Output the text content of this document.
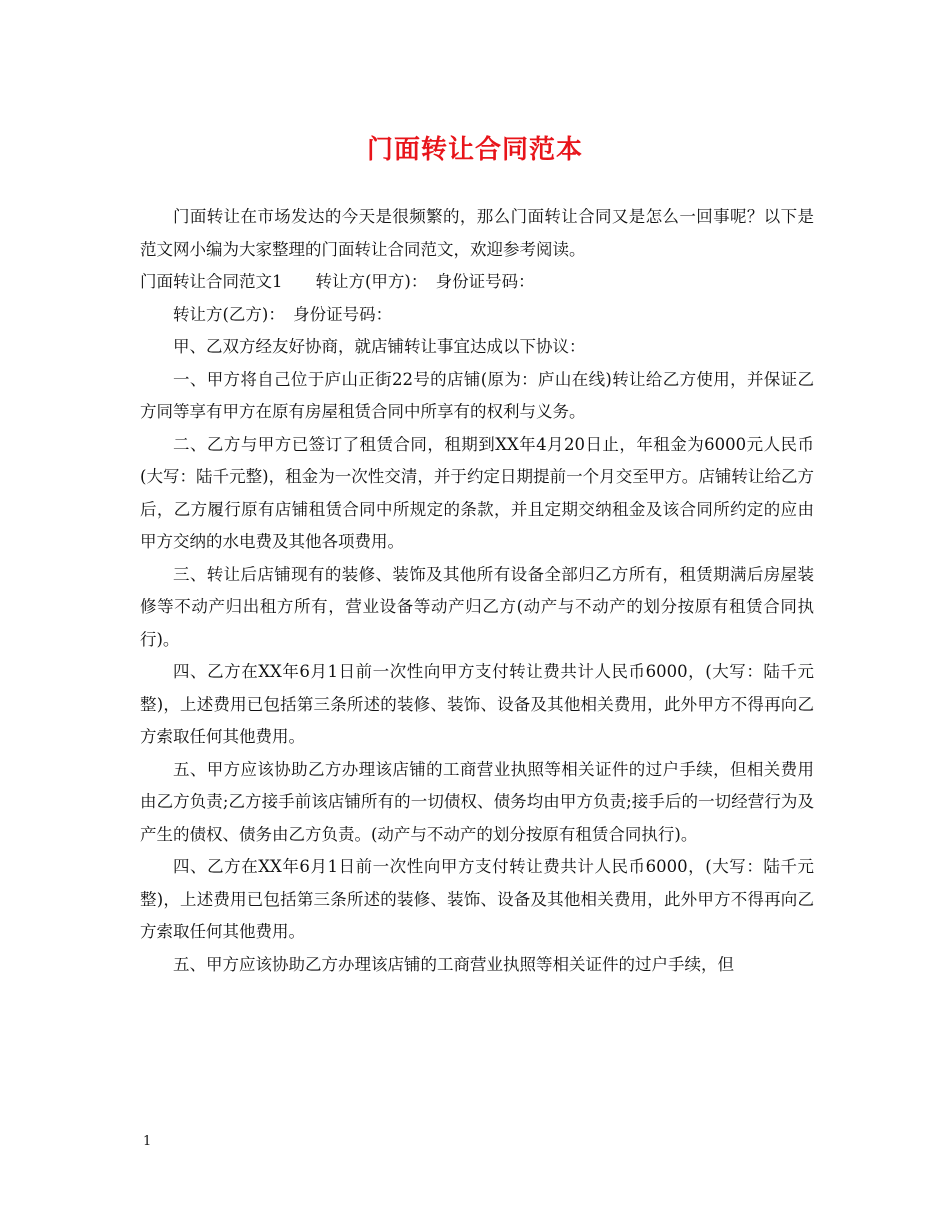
门面转让合同范本

门面转让在市场发达的今天是很频繁的，那么门面转让合同又是怎么一回事呢？以下是范文网小编为大家整理的门面转让合同范文，欢迎参考阅读。

门面转让合同范文1　　转让方(甲方)：　身份证号码：

转让方(乙方)：　身份证号码：

甲、乙双方经友好协商，就店铺转让事宜达成以下协议：

一、甲方将自己位于庐山正街22号的店铺(原为：庐山在线)转让给乙方使用，并保证乙方同等享有甲方在原有房屋租赁合同中所享有的权利与义务。

二、乙方与甲方已签订了租赁合同，租期到XX年4月20日止，年租金为6000元人民币(大写：陆千元整)，租金为一次性交清，并于约定日期提前一个月交至甲方。店铺转让给乙方后，乙方履行原有店铺租赁合同中所规定的条款，并且定期交纳租金及该合同所约定的应由甲方交纳的水电费及其他各项费用。

三、转让后店铺现有的装修、装饰及其他所有设备全部归乙方所有，租赁期满后房屋装修等不动产归出租方所有，营业设备等动产归乙方(动产与不动产的划分按原有租赁合同执行)。

四、乙方在XX年6月1日前一次性向甲方支付转让费共计人民币6000，(大写：陆千元整)，上述费用已包括第三条所述的装修、装饰、设备及其他相关费用，此外甲方不得再向乙方索取任何其他费用。

五、甲方应该协助乙方办理该店铺的工商营业执照等相关证件的过户手续，但相关费用由乙方负责;乙方接手前该店铺所有的一切债权、债务均由甲方负责;接手后的一切经营行为及产生的债权、债务由乙方负责。(动产与不动产的划分按原有租赁合同执行)。

四、乙方在XX年6月1日前一次性向甲方支付转让费共计人民币6000，(大写：陆千元整)，上述费用已包括第三条所述的装修、装饰、设备及其他相关费用，此外甲方不得再向乙方索取任何其他费用。

五、甲方应该协助乙方办理该店铺的工商营业执照等相关证件的过户手续，但

1
